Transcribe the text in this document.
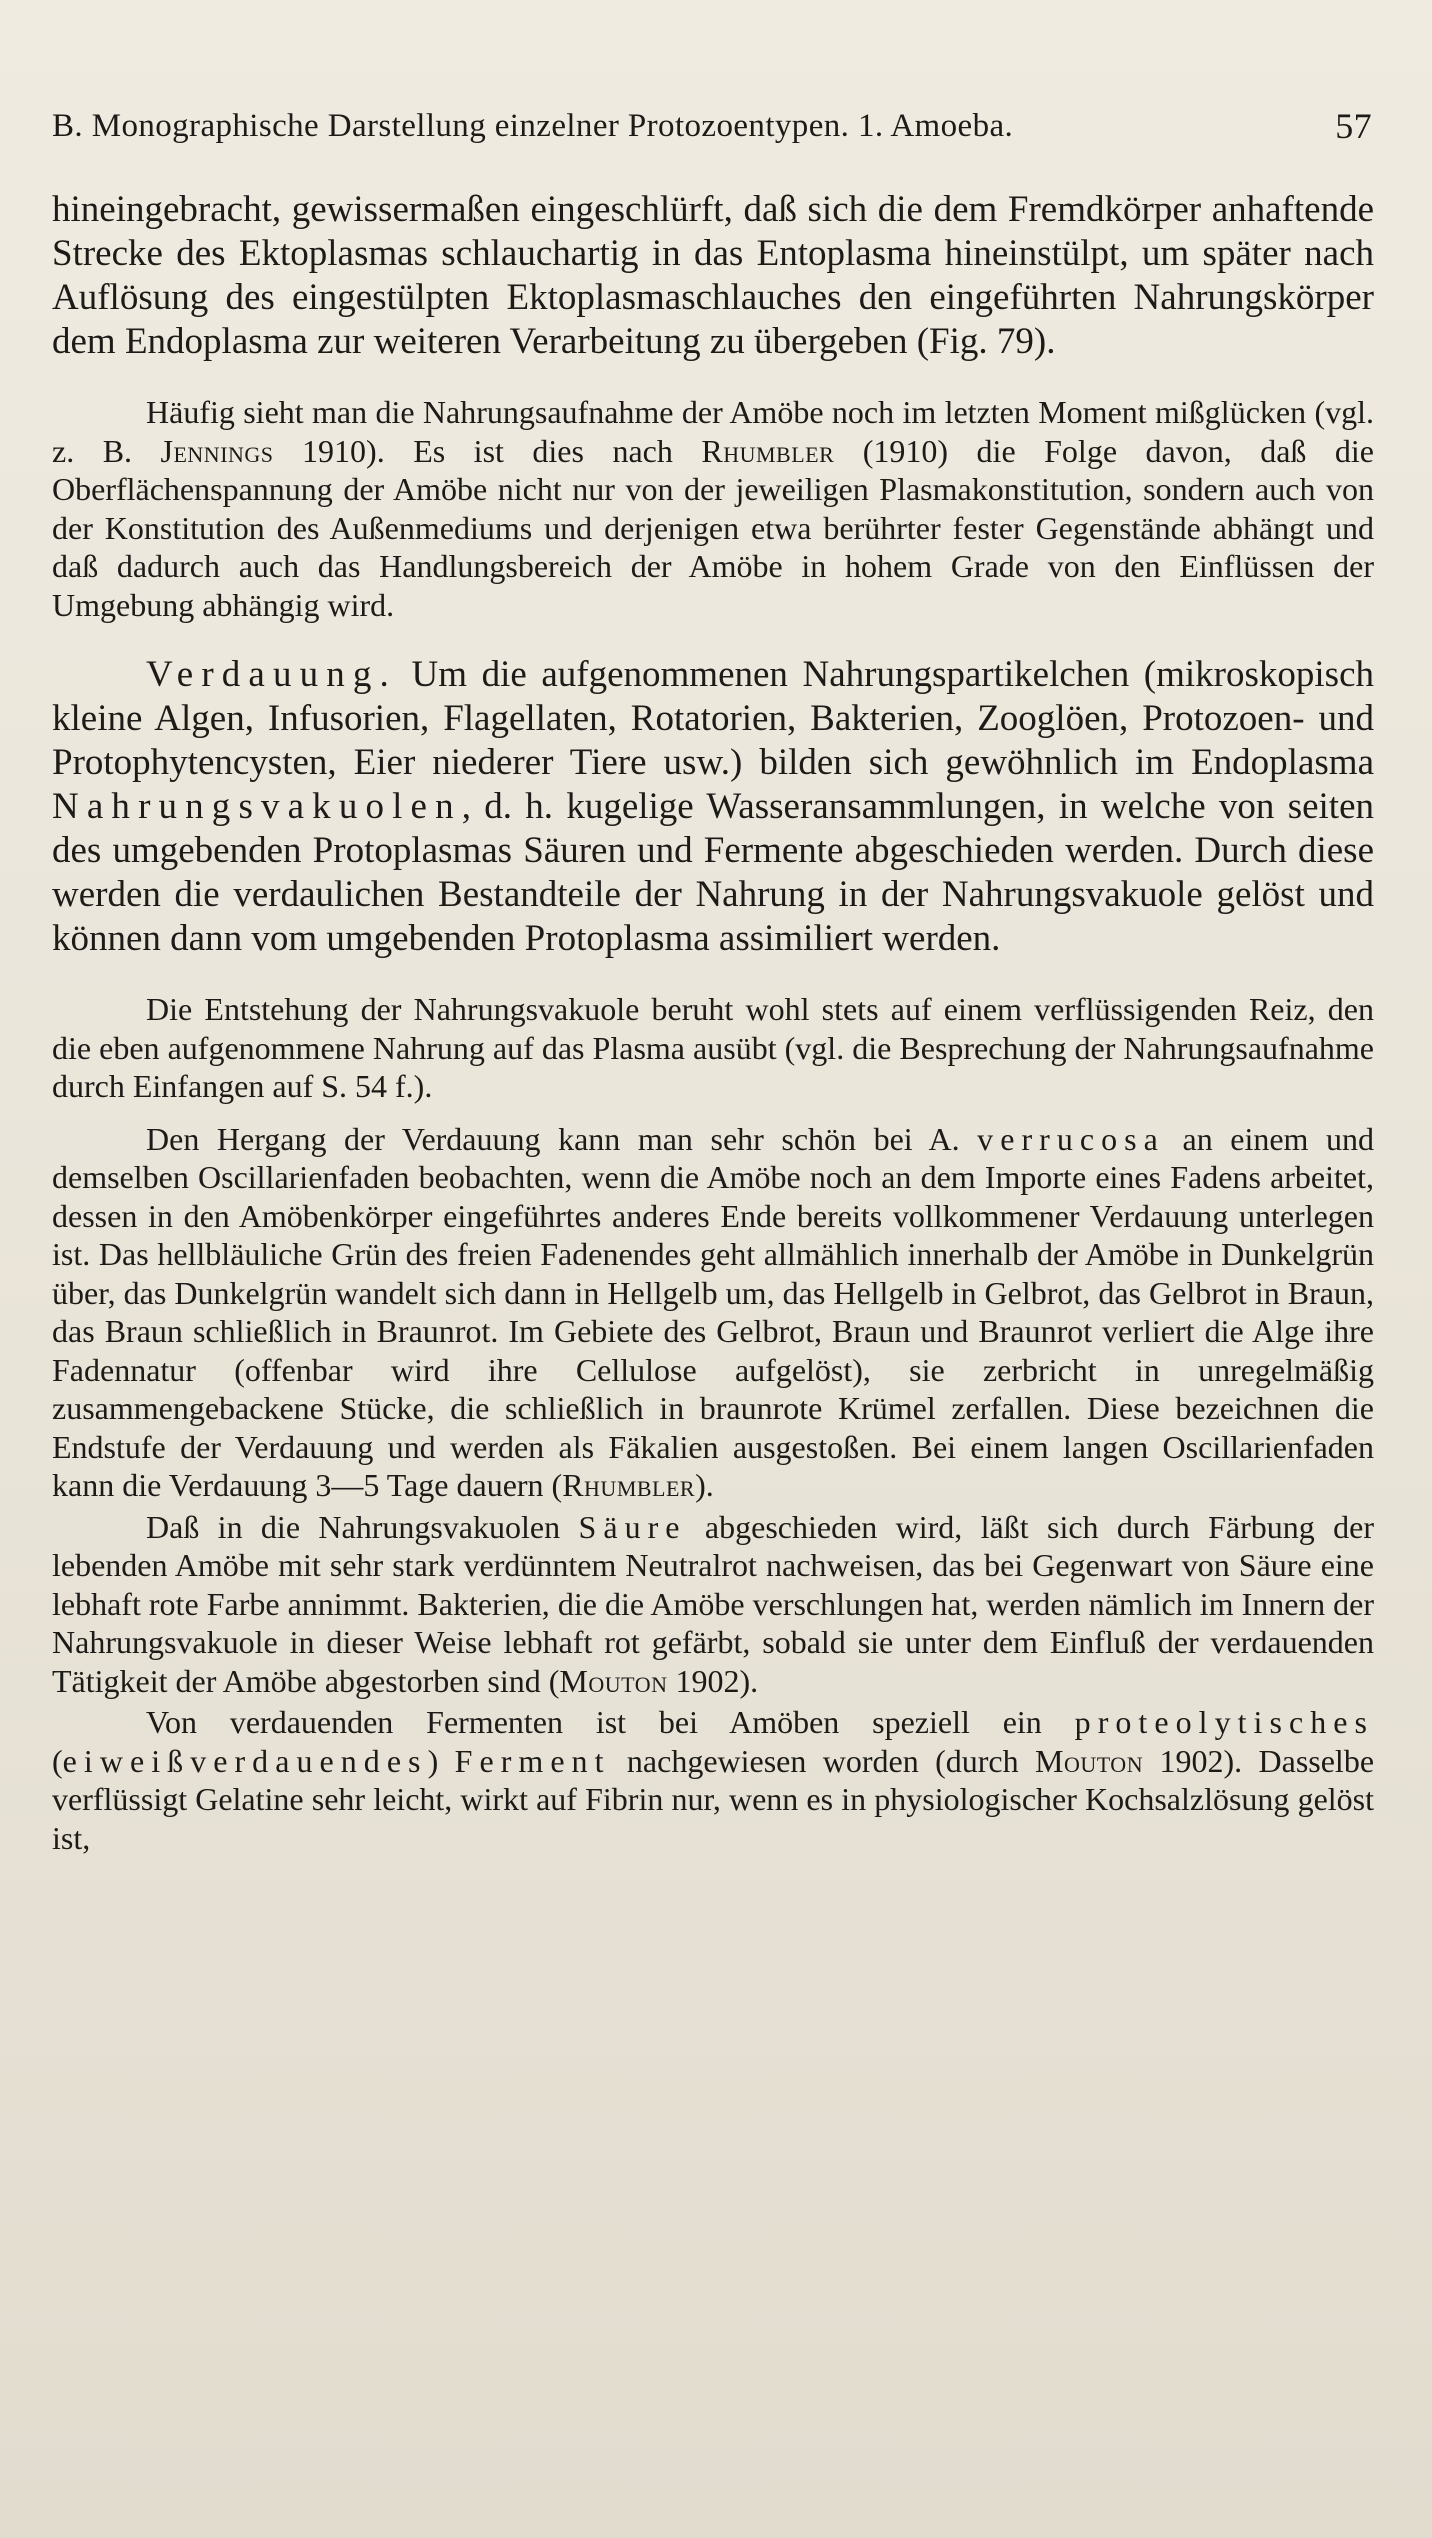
B. Monographische Darstellung einzelner Protozoentypen. 1. Amoeba.	57

hineingebracht, gewissermaßen eingeschlürft, daß sich die dem Fremdkörper anhaftende Strecke des Ektoplasmas schlauchartig in das Entoplasma hineinstülpt, um später nach Auflösung des eingestülpten Ektoplasmaschlauches den eingeführten Nahrungskörper dem Endoplasma zur weiteren Verarbeitung zu übergeben (Fig. 79).

Häufig sieht man die Nahrungsaufnahme der Amöbe noch im letzten Moment mißglücken (vgl. z. B. Jennings 1910). Es ist dies nach Rhumbler (1910) die Folge davon, daß die Oberflächenspannung der Amöbe nicht nur von der jeweiligen Plasmakonstitution, sondern auch von der Konstitution des Außenmediums und derjenigen etwa berührter fester Gegenstände abhängt und daß dadurch auch das Handlungsbereich der Amöbe in hohem Grade von den Einflüssen der Umgebung abhängig wird.

Verdauung. Um die aufgenommenen Nahrungspartikelchen (mikroskopisch kleine Algen, Infusorien, Flagellaten, Rotatorien, Bakterien, Zooglöen, Protozoen- und Protophytencysten, Eier niederer Tiere usw.) bilden sich gewöhnlich im Endoplasma Nahrungsvakuolen, d. h. kugelige Wasseransammlungen, in welche von seiten des umgebenden Protoplasmas Säuren und Fermente abgeschieden werden. Durch diese werden die verdaulichen Bestandteile der Nahrung in der Nahrungsvakuole gelöst und können dann vom umgebenden Protoplasma assimiliert werden.

Die Entstehung der Nahrungsvakuole beruht wohl stets auf einem verflüssigenden Reiz, den die eben aufgenommene Nahrung auf das Plasma ausübt (vgl. die Besprechung der Nahrungsaufnahme durch Einfangen auf S. 54 f.).

Den Hergang der Verdauung kann man sehr schön bei A. verrucosa an einem und demselben Oscillarienfaden beobachten, wenn die Amöbe noch an dem Importe eines Fadens arbeitet, dessen in den Amöbenkörper eingeführtes anderes Ende bereits vollkommener Verdauung unterlegen ist. Das hellbläuliche Grün des freien Fadenendes geht allmählich innerhalb der Amöbe in Dunkelgrün über, das Dunkelgrün wandelt sich dann in Hellgelb um, das Hellgelb in Gelbrot, das Gelbrot in Braun, das Braun schließlich in Braunrot. Im Gebiete des Gelbrot, Braun und Braunrot verliert die Alge ihre Fadennatur (offenbar wird ihre Cellulose aufgelöst), sie zerbricht in unregelmäßig zusammengebackene Stücke, die schließlich in braunrote Krümel zerfallen. Diese bezeichnen die Endstufe der Verdauung und werden als Fäkalien ausgestoßen. Bei einem langen Oscillarienfaden kann die Verdauung 3—5 Tage dauern (Rhumbler).

Daß in die Nahrungsvakuolen Säure abgeschieden wird, läßt sich durch Färbung der lebenden Amöbe mit sehr stark verdünntem Neutralrot nachweisen, das bei Gegenwart von Säure eine lebhaft rote Farbe annimmt. Bakterien, die die Amöbe verschlungen hat, werden nämlich im Innern der Nahrungsvakuole in dieser Weise lebhaft rot gefärbt, sobald sie unter dem Einfluß der verdauenden Tätigkeit der Amöbe abgestorben sind (Mouton 1902).

Von verdauenden Fermenten ist bei Amöben speziell ein proteolytisches (eiweißverdauendes) Ferment nachgewiesen worden (durch Mouton 1902). Dasselbe verflüssigt Gelatine sehr leicht, wirkt auf Fibrin nur, wenn es in physiologischer Kochsalzlösung gelöst ist,
